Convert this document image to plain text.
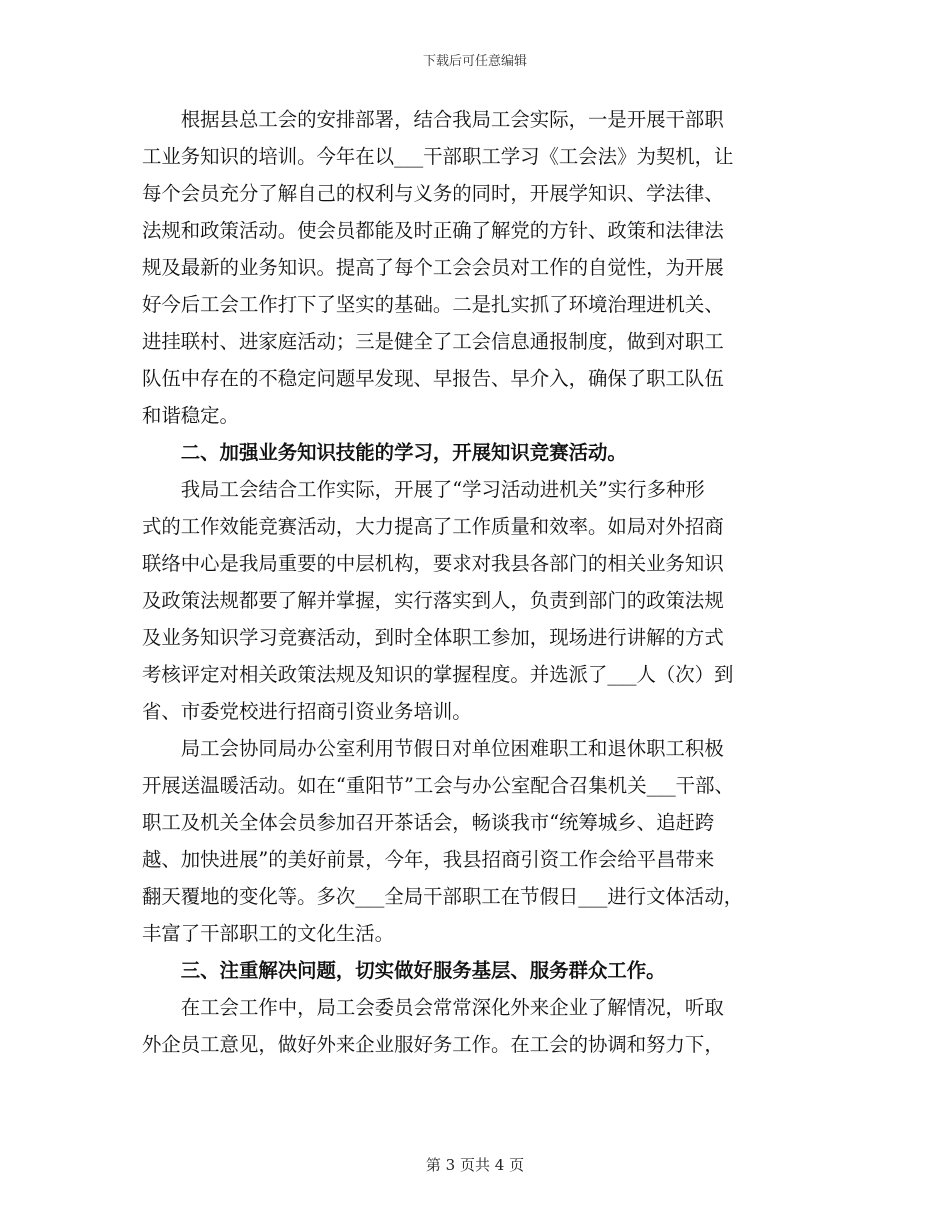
下载后可任意编辑
　　根据县总工会的安排部署，结合我局工会实际，一是开展干部职
工业务知识的培训。今年在以___干部职工学习《工会法》为契机，让
每个会员充分了解自己的权利与义务的同时，开展学知识、学法律、
法规和政策活动。使会员都能及时正确了解党的方针、政策和法律法
规及最新的业务知识。提高了每个工会会员对工作的自觉性，为开展
好今后工会工作打下了坚实的基础。二是扎实抓了环境治理进机关、
进挂联村、进家庭活动；三是健全了工会信息通报制度，做到对职工
队伍中存在的不稳定问题早发现、早报告、早介入，确保了职工队伍
和谐稳定。
　　二、加强业务知识技能的学习，开展知识竞赛活动。
　　我局工会结合工作实际，开展了“学习活动进机关”实行多种形
式的工作效能竞赛活动，大力提高了工作质量和效率。如局对外招商
联络中心是我局重要的中层机构，要求对我县各部门的相关业务知识
及政策法规都要了解并掌握，实行落实到人，负责到部门的政策法规
及业务知识学习竞赛活动，到时全体职工参加，现场进行讲解的方式
考核评定对相关政策法规及知识的掌握程度。并选派了___人（次）到
省、市委党校进行招商引资业务培训。
　　局工会协同局办公室利用节假日对单位困难职工和退休职工积极
开展送温暖活动。如在“重阳节”工会与办公室配合召集机关___干部、
职工及机关全体会员参加召开茶话会，畅谈我市“统筹城乡、追赶跨
越、加快进展”的美好前景，今年，我县招商引资工作会给平昌带来
翻天覆地的变化等。多次___全局干部职工在节假日___进行文体活动，
丰富了干部职工的文化生活。
　　三、注重解决问题，切实做好服务基层、服务群众工作。
　　在工会工作中，局工会委员会常常深化外来企业了解情况，听取
外企员工意见，做好外来企业服好务工作。在工会的协调和努力下，
第 3 页共 4 页
